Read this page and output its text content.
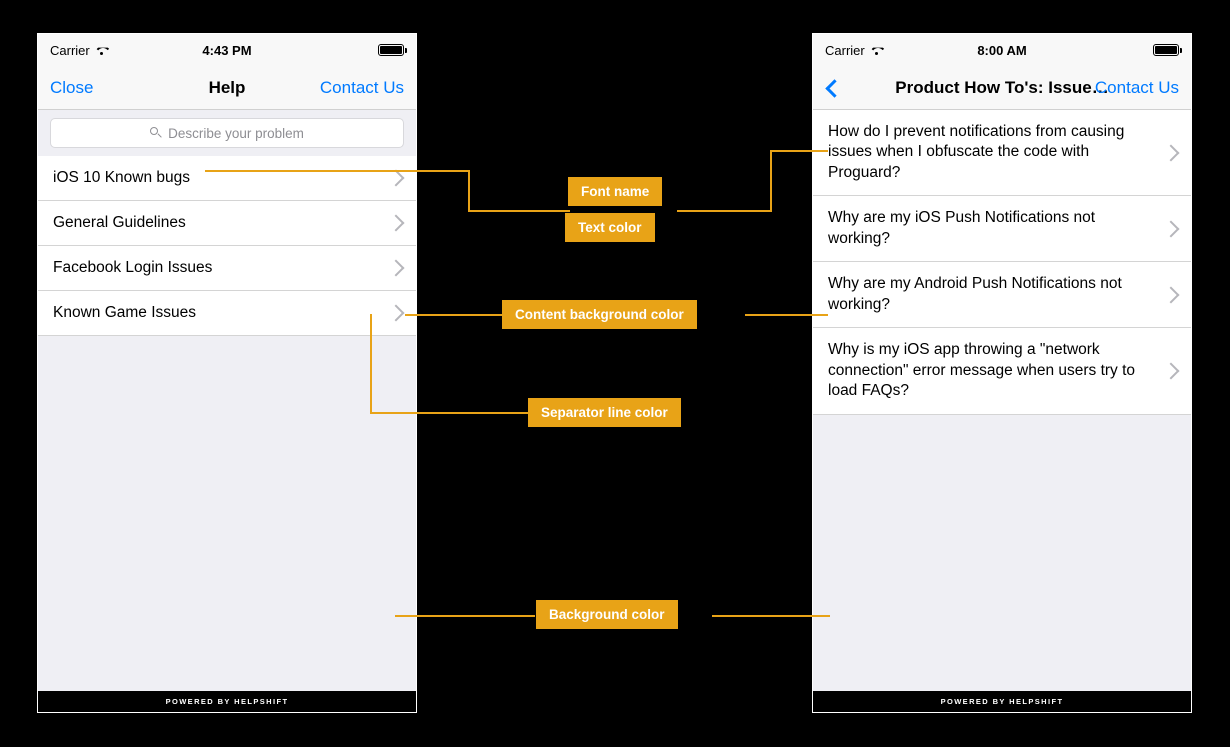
Carrier	4:43 PM
Close	Help	Contact Us
Describe your problem
iOS 10 Known bugs
General Guidelines
Facebook Login Issues
Known Game Issues
POWERED BY HELPSHIFT
Carrier	8:00 AM
Product How To's: Issue…
Contact Us
How do I prevent notifications from causing issues when I obfuscate the code with Proguard?
Why are my iOS Push Notifications not working?
Why are my Android Push Notifications not working?
Why is my iOS app throwing a "network connection" error message when users try to load FAQs?
POWERED BY HELPSHIFT
Font name
Text color
Content background color
Separator line color
Background color
